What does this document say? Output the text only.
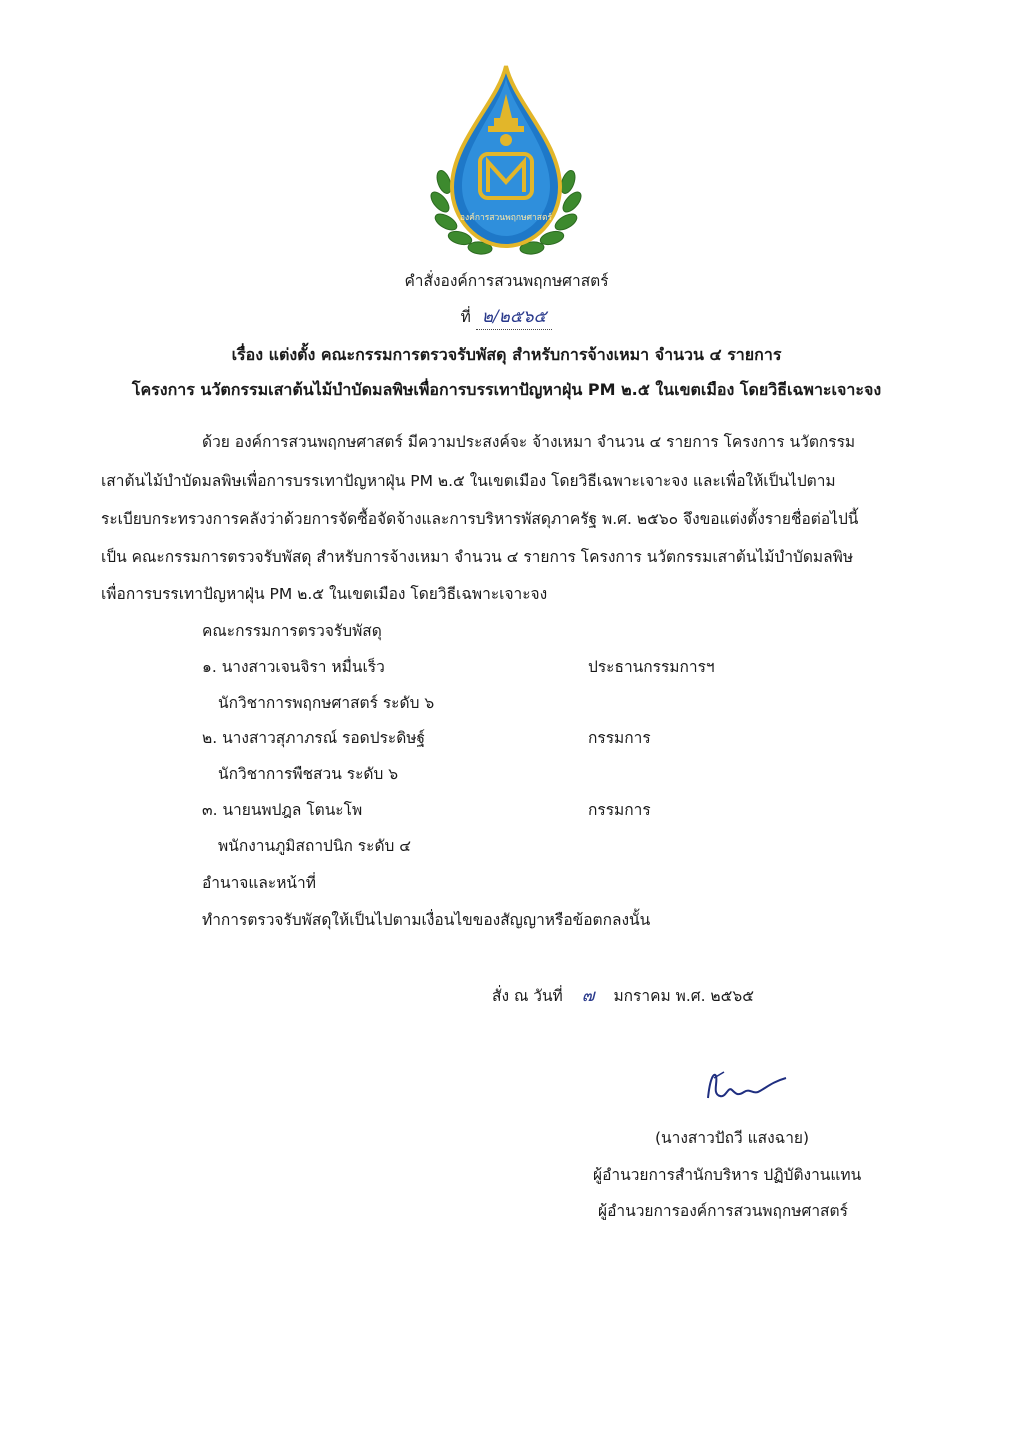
องค์การสวนพฤกษศาสตร์
คำสั่งองค์การสวนพฤกษศาสตร์
ที่ ๒/๒๕๖๕
เรื่อง แต่งตั้ง คณะกรรมการตรวจรับพัสดุ สำหรับการจ้างเหมา จำนวน ๔ รายการ
โครงการ นวัตกรรมเสาต้นไม้บำบัดมลพิษเพื่อการบรรเทาปัญหาฝุ่น PM ๒.๕ ในเขตเมือง โดยวิธีเฉพาะเจาะจง
ด้วย องค์การสวนพฤกษศาสตร์ มีความประสงค์จะ จ้างเหมา จำนวน ๔ รายการ โครงการ นวัตกรรม
เสาต้นไม้บำบัดมลพิษเพื่อการบรรเทาปัญหาฝุ่น PM ๒.๕ ในเขตเมือง โดยวิธีเฉพาะเจาะจง และเพื่อให้เป็นไปตาม
ระเบียบกระทรวงการคลังว่าด้วยการจัดซื้อจัดจ้างและการบริหารพัสดุภาครัฐ พ.ศ. ๒๕๖๐ จึงขอแต่งตั้งรายชื่อต่อไปนี้
เป็น คณะกรรมการตรวจรับพัสดุ สำหรับการจ้างเหมา จำนวน ๔ รายการ โครงการ นวัตกรรมเสาต้นไม้บำบัดมลพิษ
เพื่อการบรรเทาปัญหาฝุ่น PM ๒.๕ ในเขตเมือง โดยวิธีเฉพาะเจาะจง
คณะกรรมการตรวจรับพัสดุ
๑. นางสาวเจนจิรา หมื่นเร็ว	ประธานกรรมการฯ
นักวิชาการพฤกษศาสตร์ ระดับ ๖
๒. นางสาวสุภาภรณ์ รอดประดิษฐ์	กรรมการ
นักวิชาการพืชสวน ระดับ ๖
๓. นายนพปฎล โตนะโพ	กรรมการ
พนักงานภูมิสถาปนิก ระดับ ๔
อำนาจและหน้าที่
ทำการตรวจรับพัสดุให้เป็นไปตามเงื่อนไขของสัญญาหรือข้อตกลงนั้น
สั่ง ณ วันที่ ๗ มกราคม พ.ศ. ๒๕๖๕
(นางสาวปัถวี แสงฉาย)
ผู้อำนวยการสำนักบริหาร ปฏิบัติงานแทน
ผู้อำนวยการองค์การสวนพฤกษศาสตร์
